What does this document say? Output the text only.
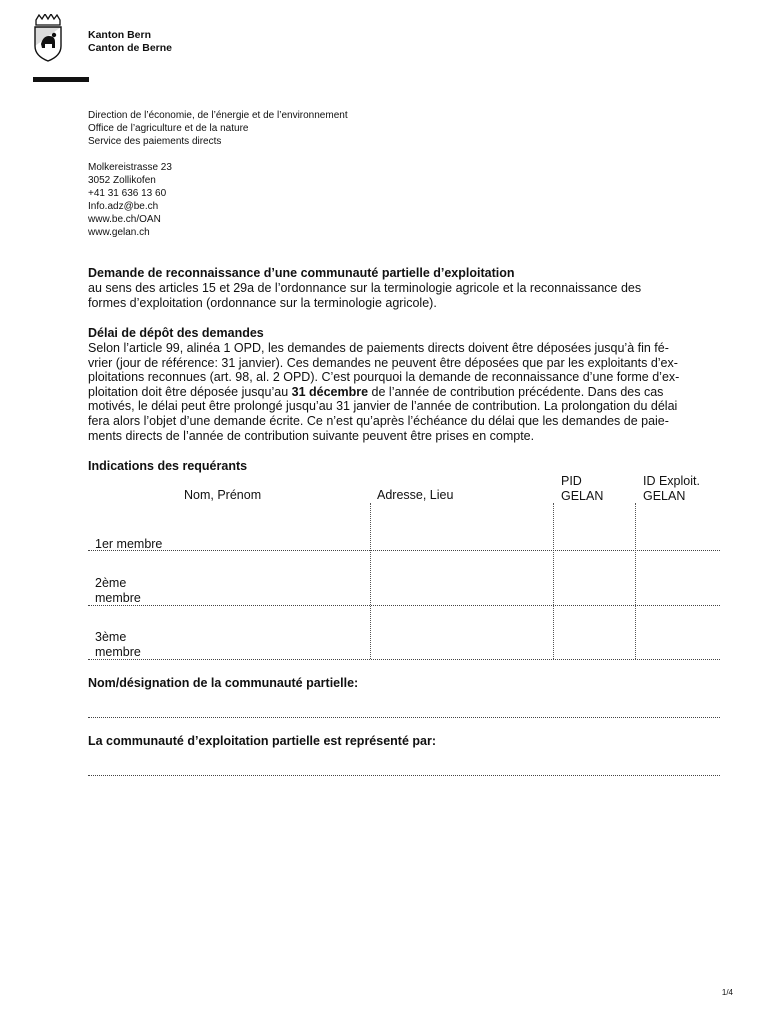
Kanton Bern
Canton de Berne
Direction de l’économie, de l’énergie et de l’environnement
Office de l’agriculture et de la nature
Service des paiements directs
Molkereistrasse 23
3052 Zollikofen
+41 31 636 13 60
Info.adz@be.ch
www.be.ch/OAN
www.gelan.ch
Demande de reconnaissance d’une communauté partielle d’exploitation
au sens des articles 15 et 29a de l’ordonnance sur la terminologie agricole et la reconnaissance des
formes d’exploitation (ordonnance sur la terminologie agricole).
Délai de dépôt des demandes
Selon l’article 99, alinéa 1 OPD, les demandes de paiements directs doivent être déposées jusqu’à fin fé-
vrier (jour de référence: 31 janvier). Ces demandes ne peuvent être déposées que par les exploitants d’ex-
ploitations reconnues (art. 98, al. 2 OPD). C’est pourquoi la demande de reconnaissance d’une forme d’ex-
ploitation doit être déposée jusqu’au 31 décembre de l’année de contribution précédente. Dans des cas
motivés, le délai peut être prolongé jusqu’au 31 janvier de l’année de contribution. La prolongation du délai
fera alors l’objet d’une demande écrite. Ce n’est qu’après l’échéance du délai que les demandes de paie-
ments directs de l’année de contribution suivante peuvent être prises en compte.
Indications des requérants
Nom, Prénom	Adresse, Lieu
PID
GELAN
ID Exploit.
GELAN
1er membre
2ème
membre
3ème
membre
Nom/désignation de la communauté partielle:
La communauté d’exploitation partielle est représenté par:
1/4
